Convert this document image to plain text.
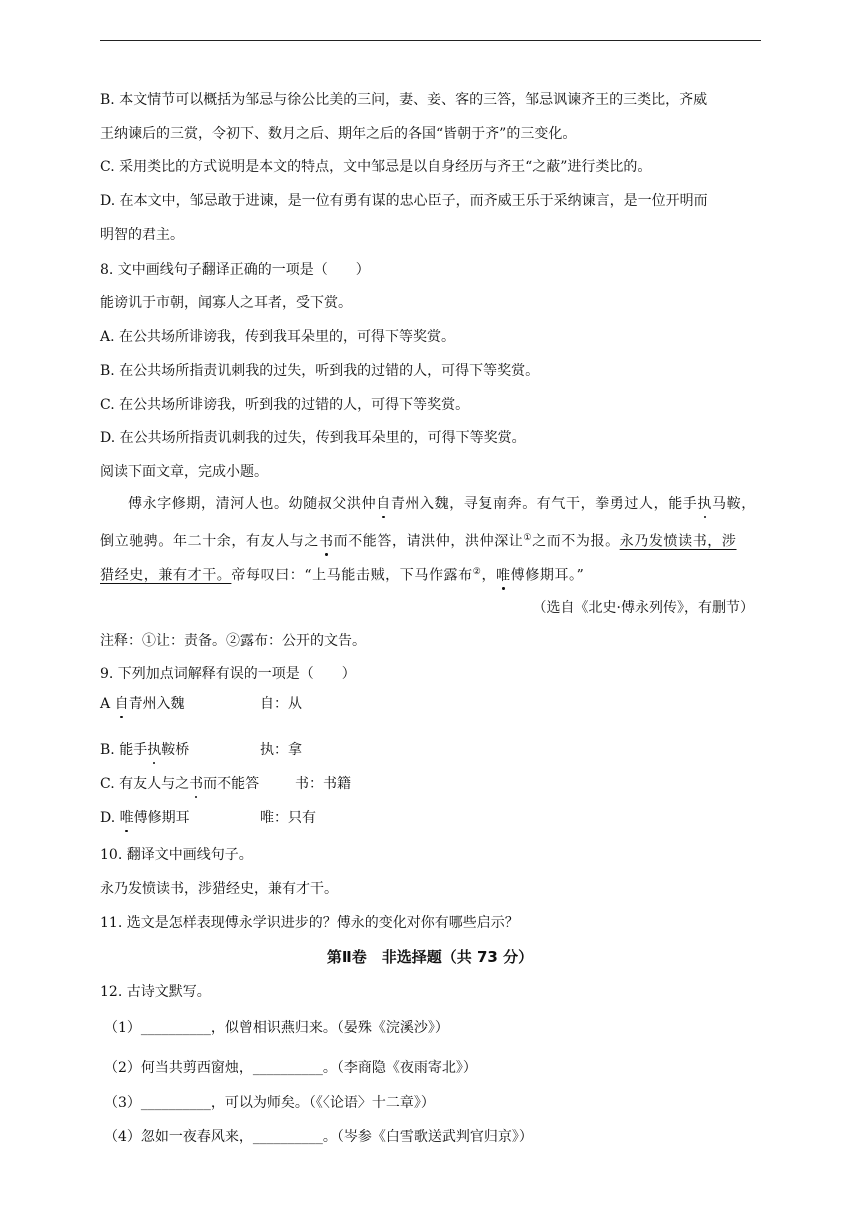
B. 本文情节可以概括为邹忌与徐公比美的三问，妻、妾、客的三答，邹忌讽谏齐王的三类比，齐威
王纳谏后的三赏，令初下、数月之后、期年之后的各国“皆朝于齐”的三变化。
C. 采用类比的方式说明是本文的特点，文中邹忌是以自身经历与齐王“之蔽”进行类比的。
D. 在本文中，邹忌敢于进谏，是一位有勇有谋的忠心臣子，而齐威王乐于采纳谏言，是一位开明而
明智的君主。
8. 文中画线句子翻译正确的一项是（　　）
能谤讥于市朝，闻寡人之耳者，受下赏。
A. 在公共场所诽谤我，传到我耳朵里的，可得下等奖赏。
B. 在公共场所指责讥刺我的过失，听到我的过错的人，可得下等奖赏。
C. 在公共场所诽谤我，听到我的过错的人，可得下等奖赏。
D. 在公共场所指责讥刺我的过失，传到我耳朵里的，可得下等奖赏。
阅读下面文章，完成小题。
傅永字修期，清河人也。幼随叔父洪仲自青州入魏，寻复南奔。有气干，拳勇过人，能手执马鞍，
倒立驰骋。年二十余，有友人与之书而不能答，请洪仲，洪仲深让①之而不为报。永乃发愤读书，涉
猎经史，兼有才干。帝每叹曰：“上马能击贼，下马作露布②，唯傅修期耳。”
（选自《北史·傅永列传》，有删节）
注释：①让：责备。②露布：公开的文告。
9. 下列加点词解释有误的一项是（　　）
A 自青州入魏	自：从
B. 能手执鞍桥	执：拿
C. 有友人与之书而不能答	书：书籍
D. 唯傅修期耳	唯：只有
10. 翻译文中画线句子。
永乃发愤读书，涉猎经史，兼有才干。
11. 选文是怎样表现傅永学识进步的？傅永的变化对你有哪些启示？
第Ⅱ卷　非选择题（共 73 分）
12. 古诗文默写。
（1）__________，似曾相识燕归来。（晏殊《浣溪沙》）
（2）何当共剪西窗烛，__________。（李商隐《夜雨寄北》）
（3）__________，可以为师矣。（《〈论语〉十二章》）
（4）忽如一夜春风来，__________。（岑参《白雪歌送武判官归京》）
